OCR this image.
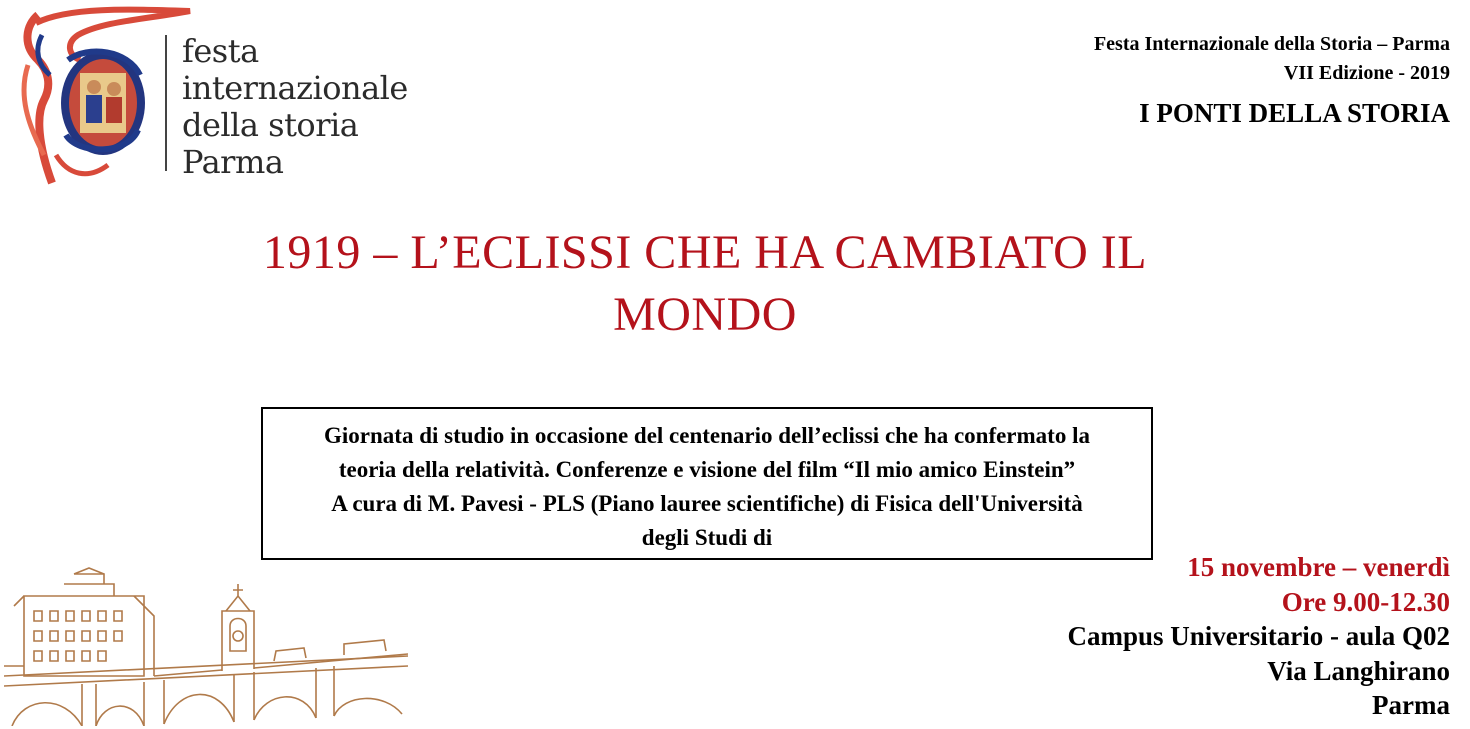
festa
internazionale
della storia
Parma
Festa Internazionale della Storia – Parma
VII Edizione - 2019
I PONTI DELLA STORIA
1919 – L’ECLISSI CHE HA CAMBIATO IL
MONDO
Giornata di studio in occasione del centenario dell’eclissi che ha confermato la
teoria della relatività. Conferenze e visione del film “Il mio amico Einstein”
A cura di M. Pavesi - PLS (Piano lauree scientifiche) di Fisica dell'Università
degli Studi di
15 novembre – venerdì
Ore 9.00-12.30
Campus Universitario - aula Q02
Via Langhirano
Parma
